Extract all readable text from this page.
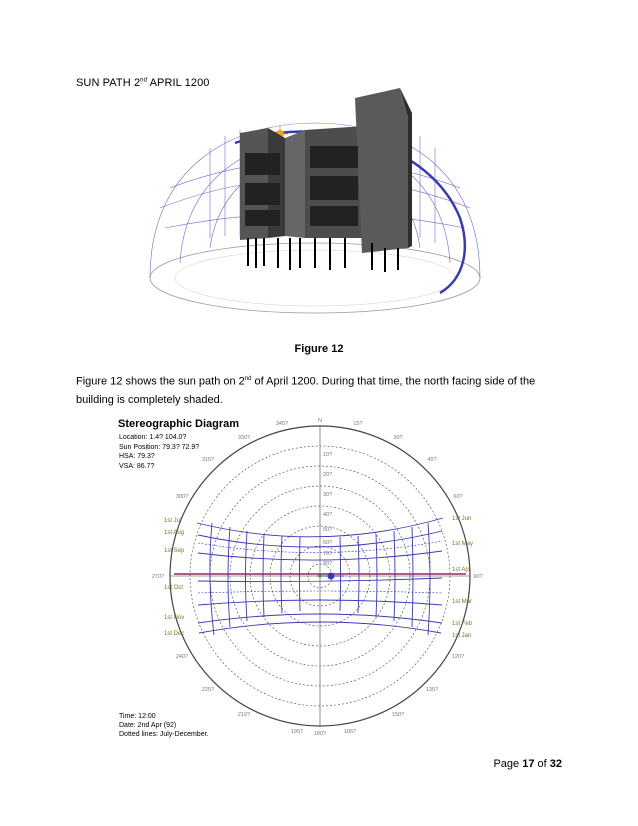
SUN PATH 2nd APRIL 1200
Figure 12
Figure 12 shows the sun path on 2nd of April 1200. During that time, the north facing side of the building is completely shaded.
N
345?	15?
330?	30?
315?	45?
300?	60?
270?	90?
240?	120?
225?	135?
210?	150?
195? 180?	165?
10?
20?
30?
40?
50?
60?
70?
80?
1st Jul
1st Aug
1st Sep
1st Oct
1st Nov
1st Dec
1st Jun
1st May
1st Apr
1st Mar
1st Feb
1st Jan
Stereographic Diagram
Location: 1.4? 104.0?
Sun Position: 79.3? 72.9?
HSA: 79.3?
VSA: 86.7?
Time: 12:00
Date: 2nd Apr (92)
Dotted lines: July-December.
Page 17 of 32
